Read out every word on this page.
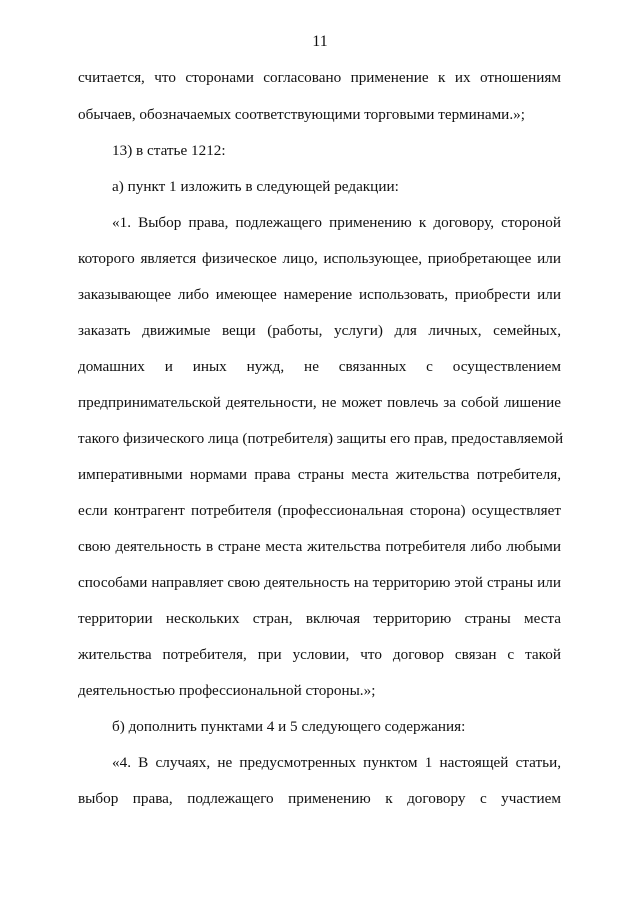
11
считается, что сторонами согласовано применение к их отношениям
обычаев, обозначаемых соответствующими торговыми терминами.»;
13) в статье 1212:
а) пункт 1 изложить в следующей редакции:
«1. Выбор права, подлежащего применению к договору, стороной
которого является физическое лицо, использующее, приобретающее или
заказывающее либо имеющее намерение использовать, приобрести или
заказать движимые вещи (работы, услуги) для личных, семейных,
домашних и иных нужд, не связанных с осуществлением
предпринимательской деятельности, не может повлечь за собой лишение
такого физического лица (потребителя) защиты его прав, предоставляемой
императивными нормами права страны места жительства потребителя,
если контрагент потребителя (профессиональная сторона) осуществляет
свою деятельность в стране места жительства потребителя либо любыми
способами направляет свою деятельность на территорию этой страны или
территории нескольких стран, включая территорию страны места
жительства потребителя, при условии, что договор связан с такой
деятельностью профессиональной стороны.»;
б) дополнить пунктами 4 и 5 следующего содержания:
«4. В случаях, не предусмотренных пунктом 1 настоящей статьи,
выбор права, подлежащего применению к договору с участием
